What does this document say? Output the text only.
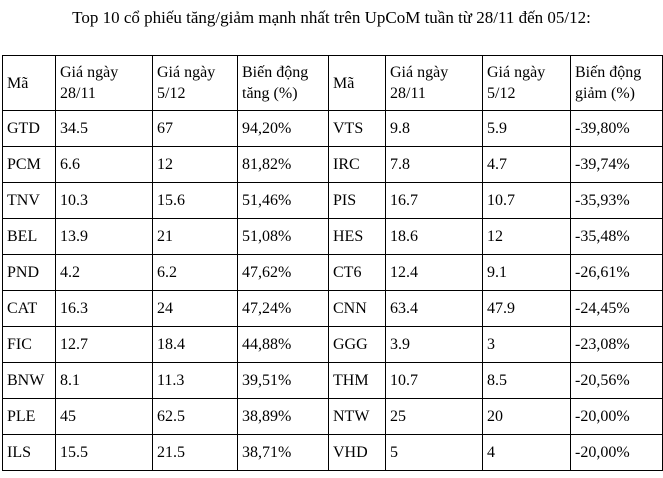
Top 10 cổ phiếu tăng/giảm mạnh nhất trên UpCoM tuần từ 28/11 đến 05/12:
Mã	Giá ngày 28/11	Giá ngày 5/12	Biến động tăng (%)	Mã	Giá ngày 28/11	Giá ngày 5/12	Biến động giảm (%)
GTD	34.5	67	94,20%	VTS	9.8	5.9	-39,80%
PCM	6.6	12	81,82%	IRC	7.8	4.7	-39,74%
TNV	10.3	15.6	51,46%	PIS	16.7	10.7	-35,93%
BEL	13.9	21	51,08%	HES	18.6	12	-35,48%
PND	4.2	6.2	47,62%	CT6	12.4	9.1	-26,61%
CAT	16.3	24	47,24%	CNN	63.4	47.9	-24,45%
FIC	12.7	18.4	44,88%	GGG	3.9	3	-23,08%
BNW	8.1	11.3	39,51%	THM	10.7	8.5	-20,56%
PLE	45	62.5	38,89%	NTW	25	20	-20,00%
ILS	15.5	21.5	38,71%	VHD	5	4	-20,00%
